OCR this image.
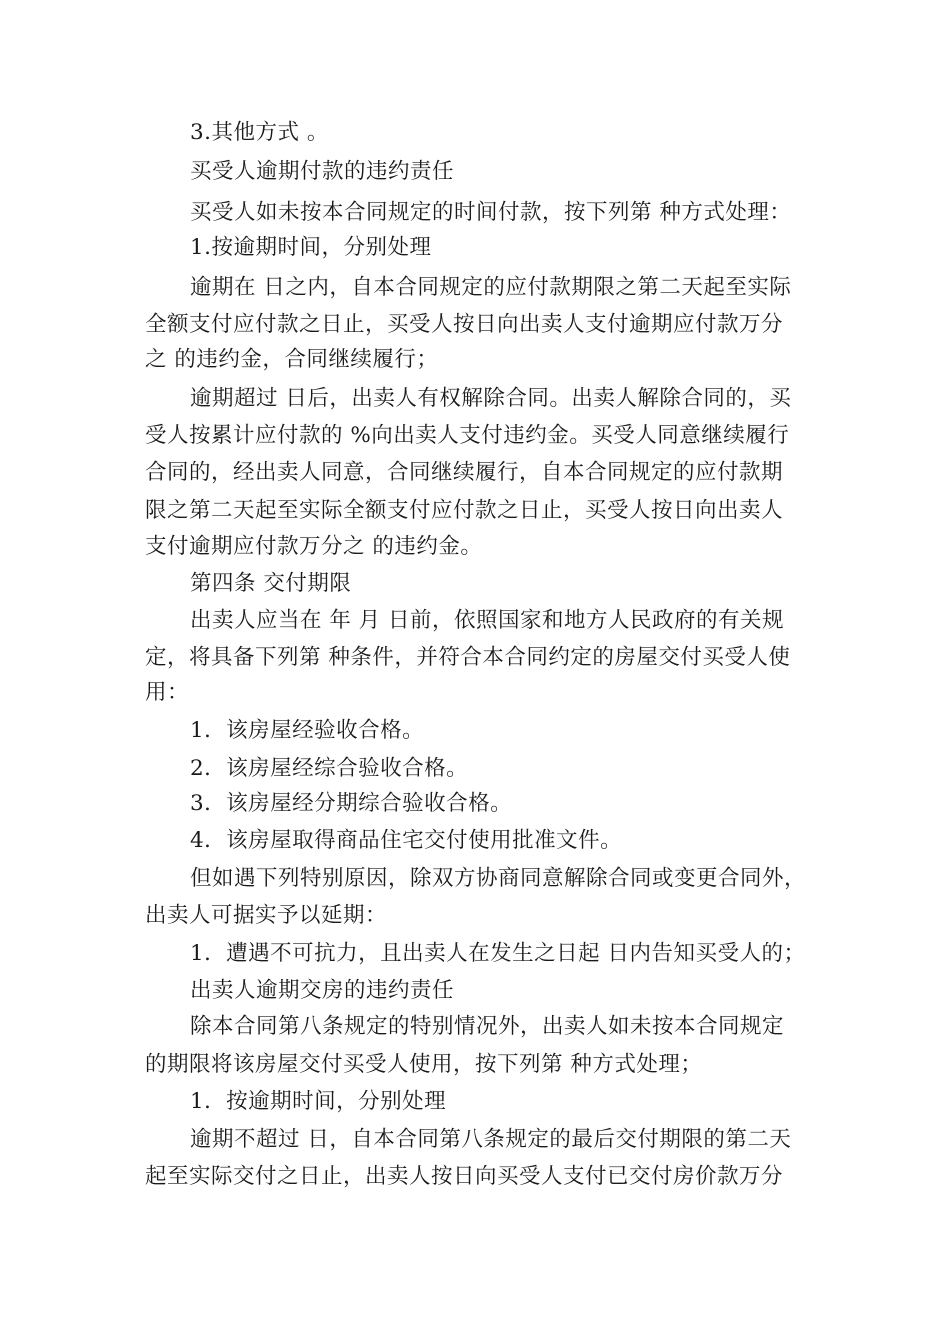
3.其他方式 。
买受人逾期付款的违约责任
买受人如未按本合同规定的时间付款，按下列第 种方式处理：
1.按逾期时间，分别处理
逾期在 日之内，自本合同规定的应付款期限之第二天起至实际
全额支付应付款之日止，买受人按日向出卖人支付逾期应付款万分
之 的违约金，合同继续履行；
逾期超过 日后，出卖人有权解除合同。出卖人解除合同的，买
受人按累计应付款的 %向出卖人支付违约金。买受人同意继续履行
合同的，经出卖人同意，合同继续履行，自本合同规定的应付款期
限之第二天起至实际全额支付应付款之日止，买受人按日向出卖人
支付逾期应付款万分之 的违约金。
第四条 交付期限
出卖人应当在 年 月 日前，依照国家和地方人民政府的有关规
定，将具备下列第 种条件，并符合本合同约定的房屋交付买受人使
用：
1．该房屋经验收合格。
2．该房屋经综合验收合格。
3．该房屋经分期综合验收合格。
4．该房屋取得商品住宅交付使用批准文件。
但如遇下列特别原因，除双方协商同意解除合同或变更合同外，
出卖人可据实予以延期：
1．遭遇不可抗力，且出卖人在发生之日起 日内告知买受人的；
出卖人逾期交房的违约责任
除本合同第八条规定的特别情况外，出卖人如未按本合同规定
的期限将该房屋交付买受人使用，按下列第 种方式处理；
1．按逾期时间，分别处理
逾期不超过 日，自本合同第八条规定的最后交付期限的第二天
起至实际交付之日止，出卖人按日向买受人支付已交付房价款万分
